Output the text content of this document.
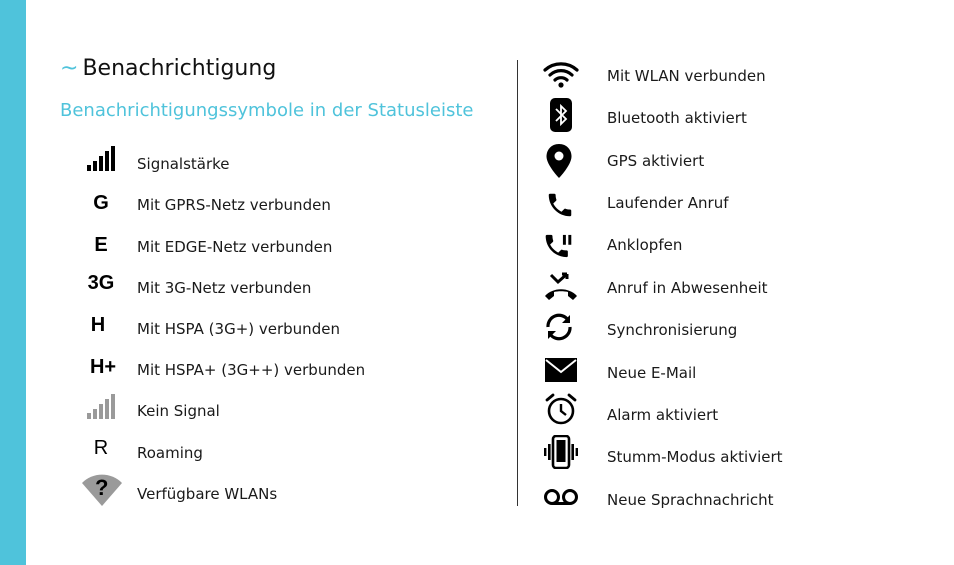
~ Benachrichtigung
Benachrichtigungssymbole in der Statusleiste
Signalstärke
G Mit GPRS-Netz verbunden
E Mit EDGE-Netz verbunden
3G Mit 3G-Netz verbunden
H Mit HSPA (3G+) verbunden
H+ Mit HSPA+ (3G++) verbunden
Kein Signal
R Roaming
? Verfügbare WLANs
Mit WLAN verbunden
Bluetooth aktiviert
GPS aktiviert
Laufender Anruf
Anklopfen
Anruf in Abwesenheit
Synchronisierung
Neue E-Mail
Alarm aktiviert
Stumm-Modus aktiviert
Neue Sprachnachricht
